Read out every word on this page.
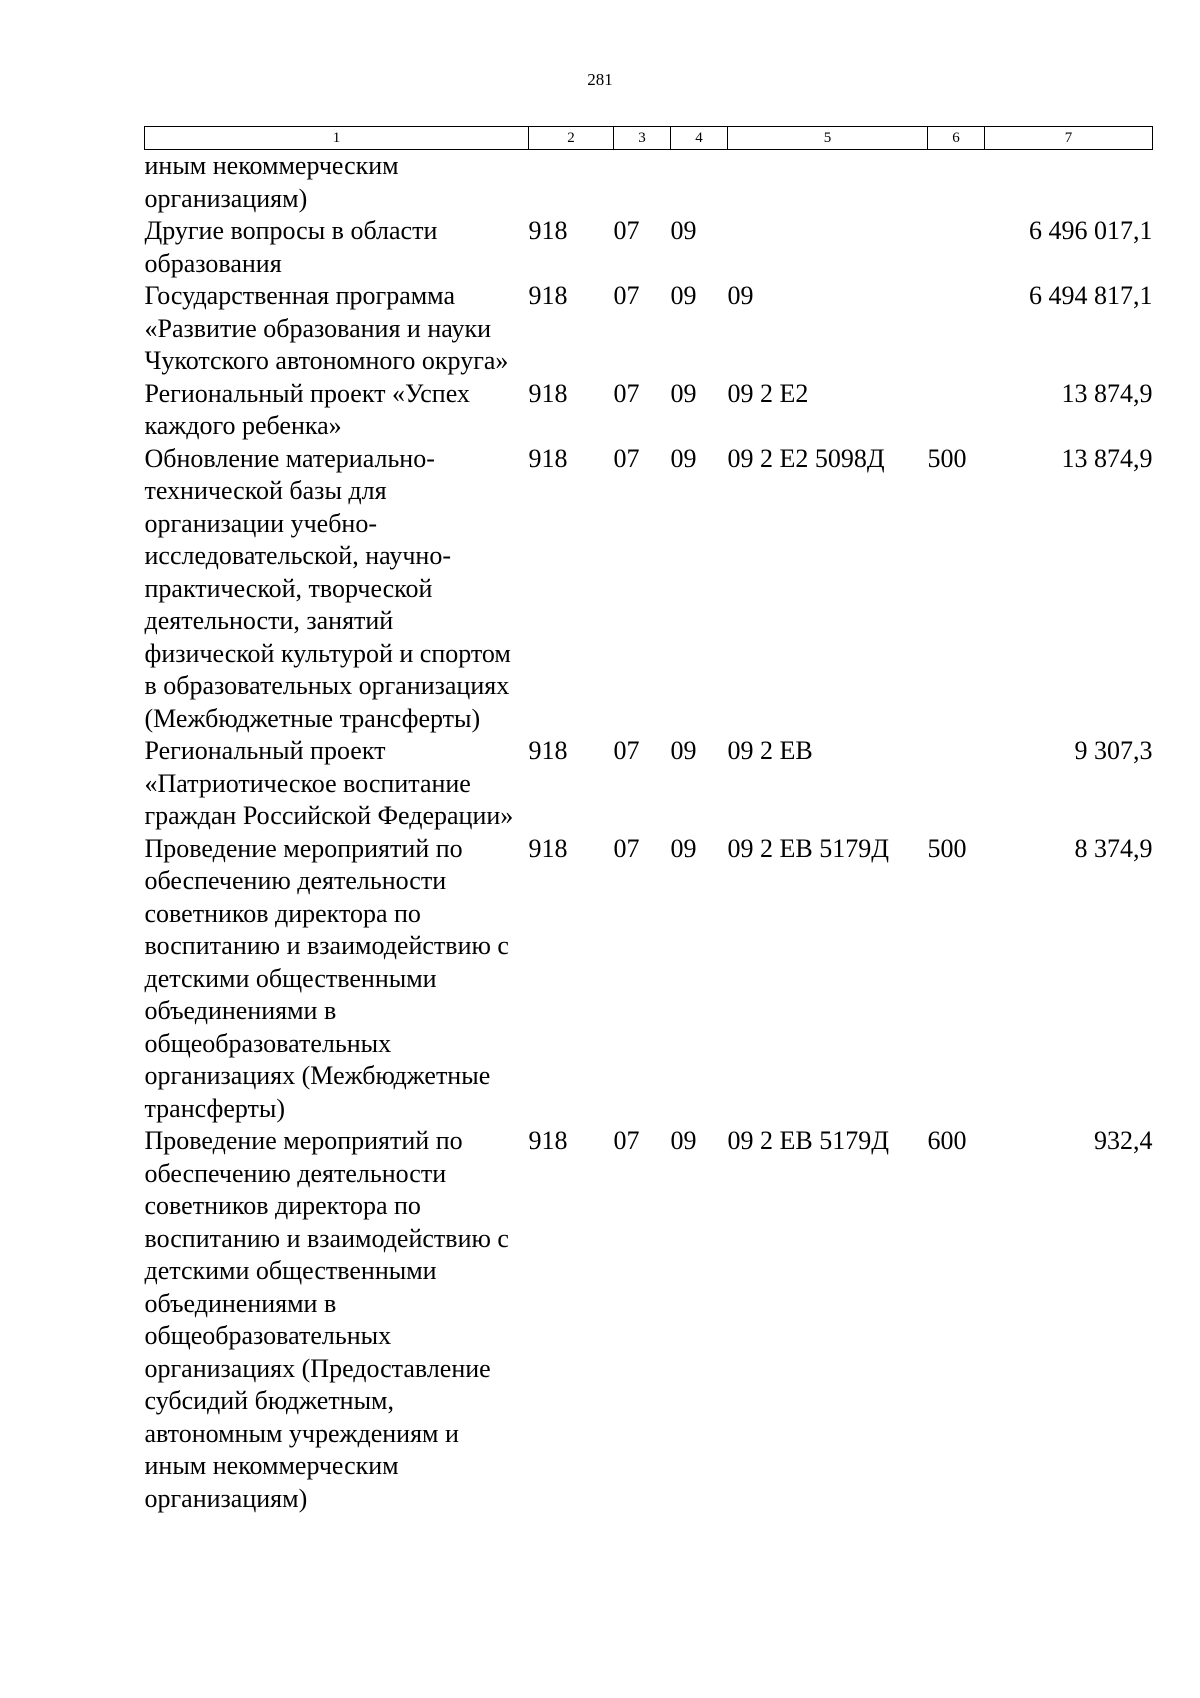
281
1	2	3	4	5	6	7
иным некоммерческим организациям)						
Другие вопросы в области образования	918	07	09			6 496 017,1
Государственная программа «Развитие образования и науки Чукотского автономного округа»	918	07	09	09		6 494 817,1
Региональный проект «Успех каждого ребенка»	918	07	09	09 2 E2		13 874,9
Обновление материально-технической базы для организации учебно-исследовательской, научно-практической, творческой деятельности, занятий физической культурой и спортом в образовательных организациях (Межбюджетные трансферты)	918	07	09	09 2 E2 5098Д	500	13 874,9
Региональный проект «Патриотическое воспитание граждан Российской Федерации»	918	07	09	09 2 EB		9 307,3
Проведение мероприятий по обеспечению деятельности советников директора по воспитанию и взаимодействию с детскими общественными объединениями в общеобразовательных организациях (Межбюджетные трансферты)	918	07	09	09 2 EB 5179Д	500	8 374,9
Проведение мероприятий по обеспечению деятельности советников директора по воспитанию и взаимодействию с детскими общественными объединениями в общеобразовательных организациях (Предоставление субсидий бюджетным, автономным учреждениям и иным некоммерческим организациям)	918	07	09	09 2 EB 5179Д	600	932,4
